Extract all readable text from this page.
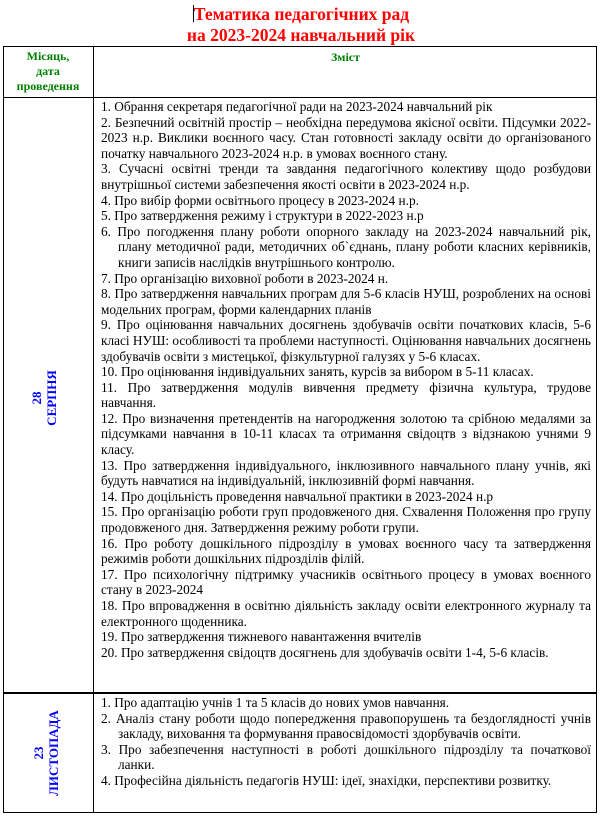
Тематика педагогічних рад
на 2023-2024 навчальний рік
Місяць,
дата
проведення
Зміст
28 СЕРПНЯ

1. Обрання секретаря педагогічної ради на 2023-2024 навчальний рік

2. Безпечний освітній простір – необхідна передумова якісної освіти. Підсумки 2022-2023 н.р. Виклики воєнного часу. Стан готовності закладу освіти до організованого початку навчального 2023-2024 н.р. в умовах воєнного стану.

3. Сучасні освітні тренди та завдання педагогічного колективу щодо розбудови внутрішньої системи забезпечення якості освіти в 2023-2024 н.р.

4. Про вибір форми освітнього процесу в 2023-2024 н.р.

5. Про затвердження режиму і структури в 2022-2023 н.р

6. Про погодження плану роботи опорного закладу на 2023-2024 навчальний рік, плану методичної ради, методичних об`єднань, плану роботи класних керівників, книги записів наслідків внутрішнього контролю.

7. Про організацію виховної роботи в 2023-2024 н.

8. Про затвердження навчальних програм для 5-6 класів НУШ, розроблених на основі модельних програм, форми календарних планів

9. Про оцінювання навчальних досягнень здобувачів освіти початкових класів, 5-6 класі НУШ: особливості та проблеми наступності. Оцінювання навчальних досягнень здобувачів освіти з мистецької, фізкультурної галузях у 5-6 класах.

10. Про оцінювання індивідуальних занять, курсів за вибором в 5-11 класах.

11. Про затвердження модулів вивчення предмету фізична культура, трудове навчання.

12. Про визначення претендентів на нагородження золотою та срібною медалями за підсумками навчання в 10-11 класах та отримання свідоцтв з відзнакою учнями 9 класу.

13. Про затвердження індивідуального, інклюзивного навчального плану учнів, які будуть навчатися на індивідуальній, інклюзивній формі навчання.

14. Про доцільність проведення навчальної практики в 2023-2024 н.р

15. Про організацію роботи груп продовженого дня. Схвалення Положення про групу продовженого дня. Затвердження режиму роботи групи.

16. Про роботу дошкільного підрозділу в умовах воєнного часу та затвердження режимів роботи дошкільних підрозділів філій.

17. Про психологічну підтримку учасників освітнього процесу в умовах воєнного стану в 2023-2024

18. Про впровадження в освітню діяльність закладу освіти електронного журналу та електронного щоденника.

19. Про затвердження тижневого навантаження вчителів

20. Про затвердження свідоцтв досягнень для здобувачів освіти 1-4, 5-6 класів.

23 ЛИСТОПАДА

1. Про адаптацію учнів 1 та 5 класів до нових умов навчання.

2. Аналіз стану роботи щодо попередження правопорушень та бездоглядності учнів закладу, виховання та формування правосвідомості здорбувачів освіти.

3. Про забезпечення наступності в роботі дошкільного підрозділу та початкової ланки.

4. Професійна діяльність педагогів НУШ: ідеї, знахідки, перспективи розвитку.
